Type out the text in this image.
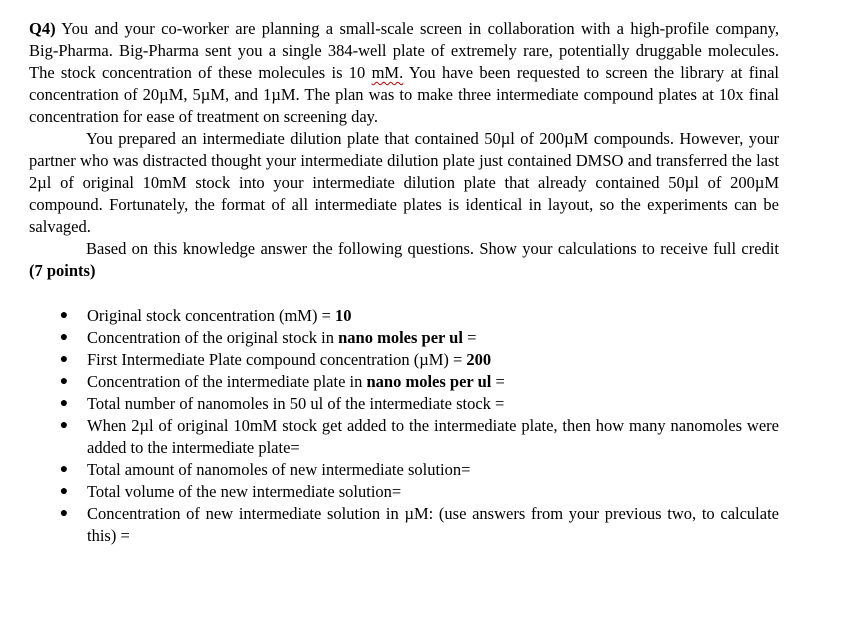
Q4) You and your co-worker are planning a small-scale screen in collaboration with a high-profile company, Big-Pharma. Big-Pharma sent you a single 384-well plate of extremely rare, potentially druggable molecules. The stock concentration of these molecules is 10 mM. You have been requested to screen the library at final concentration of 20µM, 5µM, and 1µM. The plan was to make three intermediate compound plates at 10x final concentration for ease of treatment on screening day.

You prepared an intermediate dilution plate that contained 50µl of 200µM compounds. However, your partner who was distracted thought your intermediate dilution plate just contained DMSO and transferred the last 2µl of original 10mM stock into your intermediate dilution plate that already contained 50µl of 200µM compound. Fortunately, the format of all intermediate plates is identical in layout, so the experiments can be salvaged.

Based on this knowledge answer the following questions. Show your calculations to receive full credit (7 points)

● Original stock concentration (mM) = 10
● Concentration of the original stock in nano moles per ul =
● First Intermediate Plate compound concentration (µM) = 200
● Concentration of the intermediate plate in nano moles per ul =
● Total number of nanomoles in 50 ul of the intermediate stock =
● When 2µl of original 10mM stock get added to the intermediate plate, then how many nanomoles were added to the intermediate plate=
● Total amount of nanomoles of new intermediate solution=
● Total volume of the new intermediate solution=
● Concentration of new intermediate solution in µM: (use answers from your previous two, to calculate this) =
